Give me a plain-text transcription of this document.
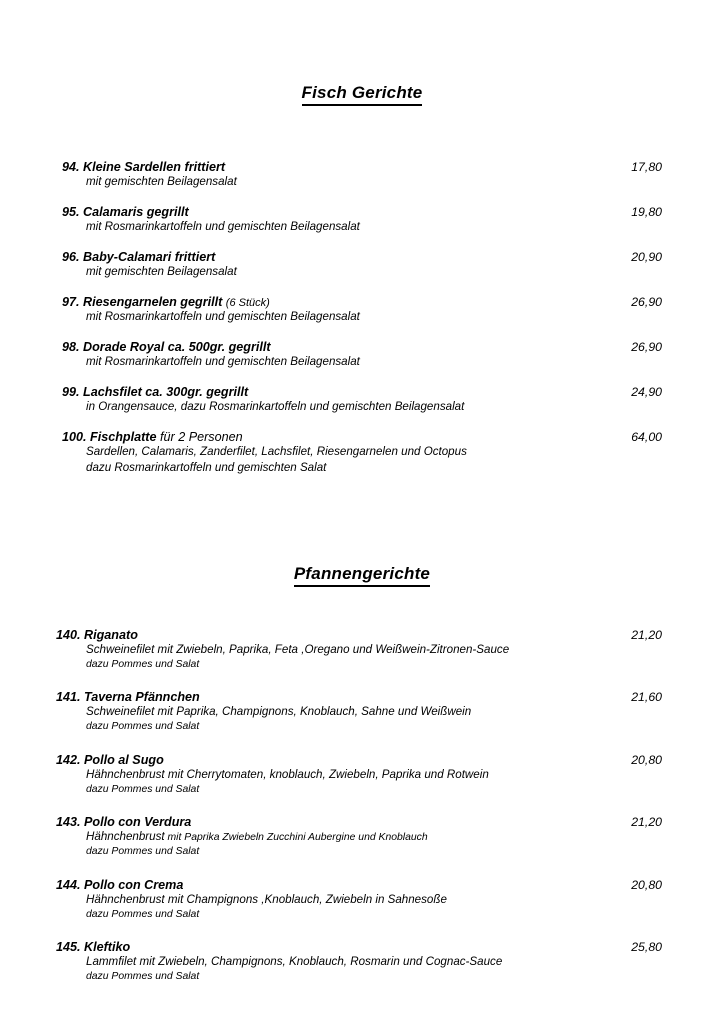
Fisch Gerichte
94. Kleine Sardellen frittiert	17,80
mit gemischten Beilagensalat
95. Calamaris gegrillt	19,80
mit Rosmarinkartoffeln und gemischten Beilagensalat
96. Baby-Calamari frittiert	20,90
mit gemischten Beilagensalat
97. Riesengarnelen gegrillt (6 Stück)	26,90
mit Rosmarinkartoffeln und gemischten Beilagensalat
98. Dorade Royal ca. 500gr. gegrillt	26,90
mit Rosmarinkartoffeln und gemischten Beilagensalat
99. Lachsfilet ca. 300gr. gegrillt	24,90
in Orangensauce, dazu Rosmarinkartoffeln und gemischten Beilagensalat
100. Fischplatte für 2 Personen	64,00
Sardellen, Calamaris, Zanderfilet, Lachsfilet, Riesengarnelen und Octopus
dazu Rosmarinkartoffeln und gemischten Salat
Pfannengerichte
140. Riganato	21,20
Schweinefilet mit Zwiebeln, Paprika, Feta ,Oregano und Weißwein-Zitronen-Sauce
dazu Pommes und Salat
141. Taverna Pfännchen	21,60
Schweinefilet mit Paprika, Champignons, Knoblauch, Sahne und Weißwein
dazu Pommes und Salat
142. Pollo al Sugo	20,80
Hähnchenbrust mit Cherrytomaten, knoblauch, Zwiebeln, Paprika und Rotwein
dazu Pommes und Salat
143. Pollo con Verdura	21,20
Hähnchenbrust mit Paprika Zwiebeln Zucchini Aubergine und Knoblauch
dazu Pommes und Salat
144. Pollo con Crema	20,80
Hähnchenbrust mit Champignons ,Knoblauch, Zwiebeln in Sahnesoße
dazu Pommes und Salat
145. Kleftiko	25,80
Lammfilet mit Zwiebeln, Champignons, Knoblauch, Rosmarin und Cognac-Sauce
dazu Pommes und Salat
